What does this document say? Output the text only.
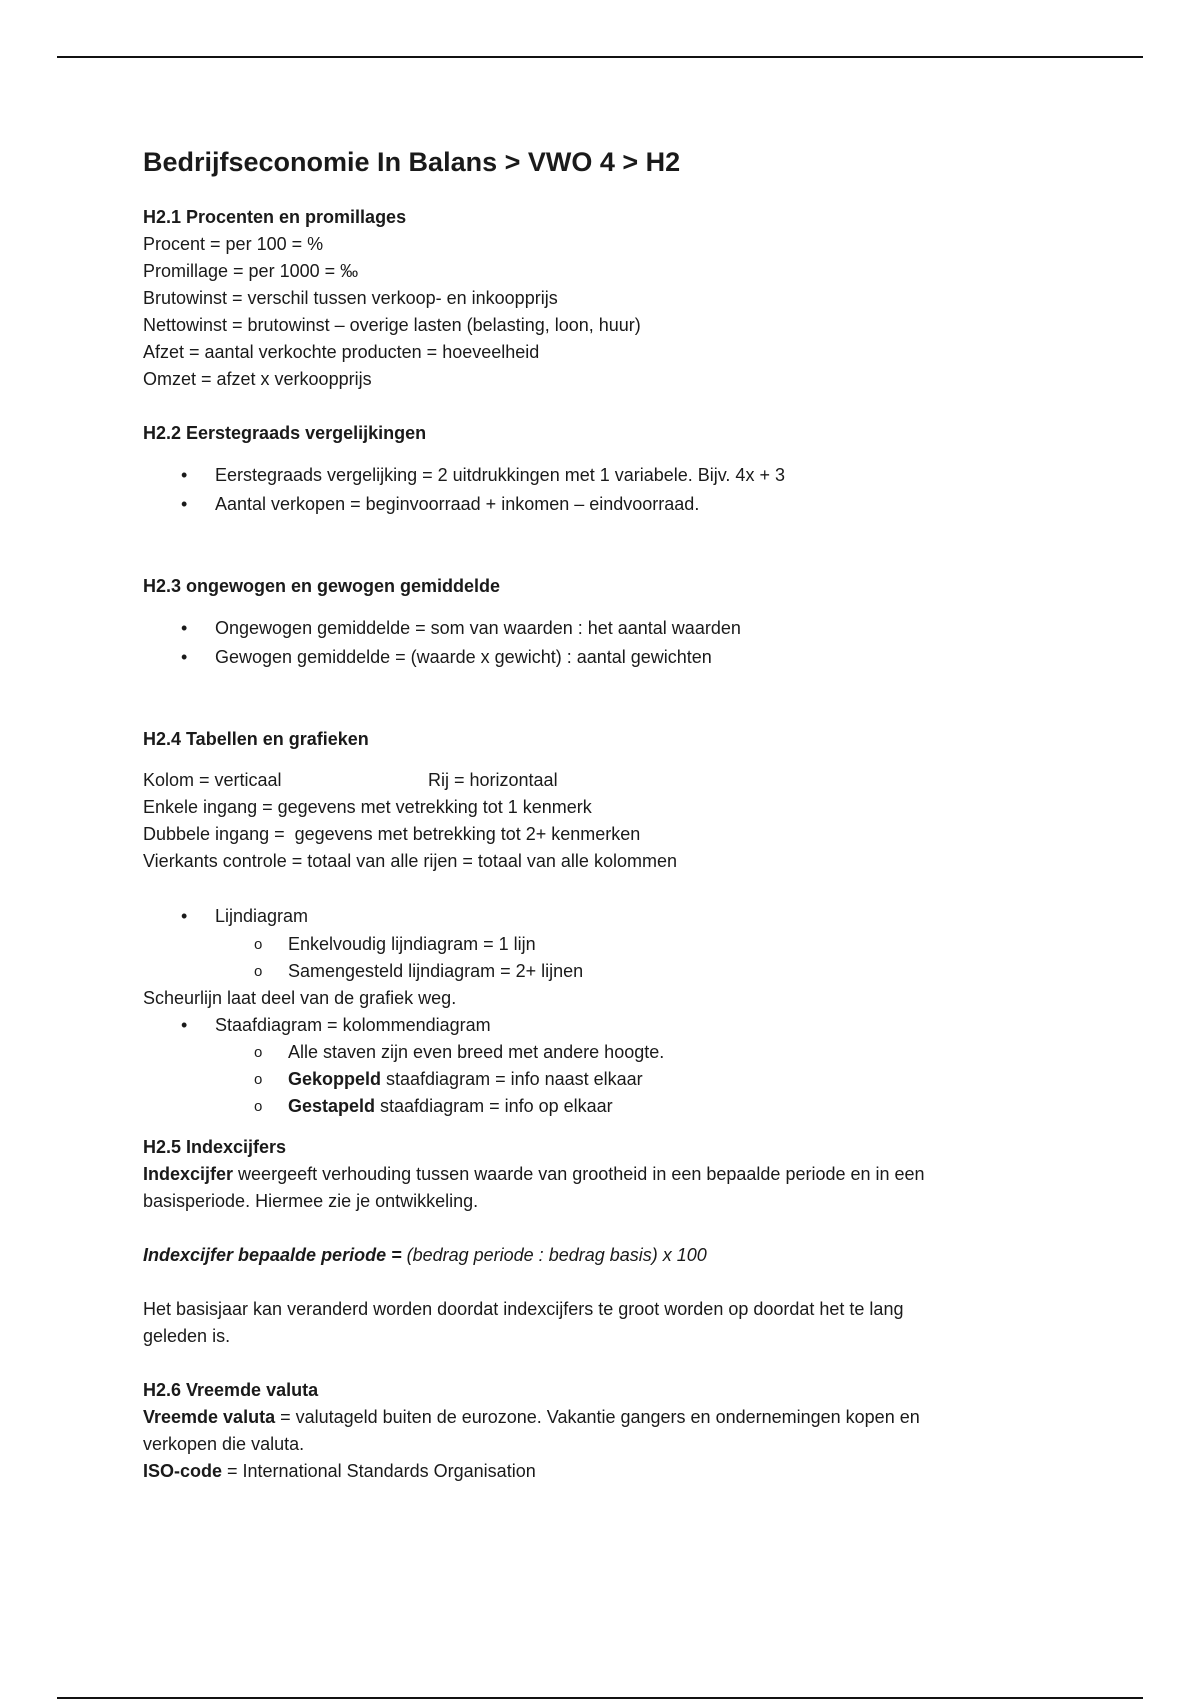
Bedrijfseconomie In Balans > VWO 4 > H2
H2.1 Procenten en promillages
Procent = per 100 = %
Promillage = per 1000 = ‰
Brutowinst = verschil tussen verkoop- en inkoopprijs
Nettowinst = brutowinst – overige lasten (belasting, loon, huur)
Afzet = aantal verkochte producten = hoeveelheid
Omzet = afzet x verkoopprijs
H2.2 Eerstegraads vergelijkingen
• Eerstegraads vergelijking = 2 uitdrukkingen met 1 variabele. Bijv. 4x + 3
• Aantal verkopen = beginvoorraad + inkomen – eindvoorraad.
H2.3 ongewogen en gewogen gemiddelde
• Ongewogen gemiddelde = som van waarden : het aantal waarden
• Gewogen gemiddelde = (waarde x gewicht) : aantal gewichten
H2.4 Tabellen en grafieken
Kolom = verticaal	Rij = horizontaal
Enkele ingang = gegevens met vetrekking tot 1 kenmerk
Dubbele ingang =  gegevens met betrekking tot 2+ kenmerken
Vierkants controle = totaal van alle rijen = totaal van alle kolommen
• Lijndiagram
o Enkelvoudig lijndiagram = 1 lijn
o Samengesteld lijndiagram = 2+ lijnen
Scheurlijn laat deel van de grafiek weg.
• Staafdiagram = kolommendiagram
o Alle staven zijn even breed met andere hoogte.
o Gekoppeld staafdiagram = info naast elkaar
o Gestapeld staafdiagram = info op elkaar
H2.5 Indexcijfers
Indexcijfer weergeeft verhouding tussen waarde van grootheid in een bepaalde periode en in een
basisperiode. Hiermee zie je ontwikkeling.
Indexcijfer bepaalde periode = (bedrag periode : bedrag basis) x 100
Het basisjaar kan veranderd worden doordat indexcijfers te groot worden op doordat het te lang
geleden is.
H2.6 Vreemde valuta
Vreemde valuta = valutageld buiten de eurozone. Vakantie gangers en ondernemingen kopen en
verkopen die valuta.
ISO-code = International Standards Organisation
